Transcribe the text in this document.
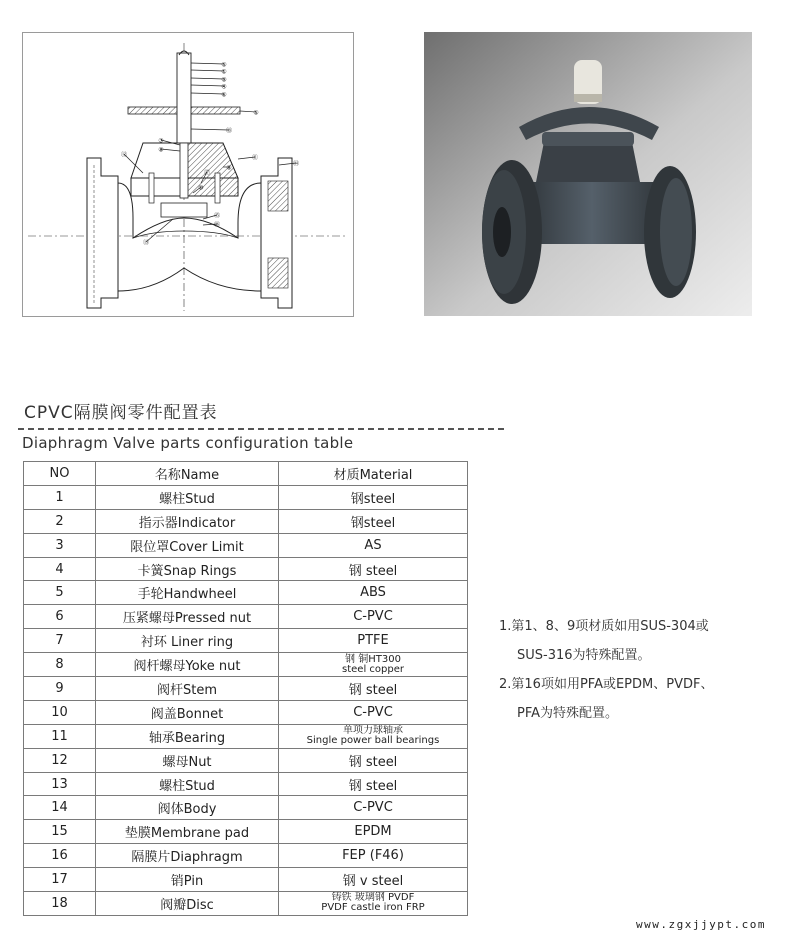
⑤
①
③
④
⑥
⑤
⑱
⑦
⑧
⑨
⑫
⑰
⑩
⑪
⑭
⑮
⑯
⑬
CPVC隔膜阀零件配置表
Diaphragm Valve parts configuration table
NO	名称Name	材质Material
1	螺柱Stud	钢steel
2	指示器Indicator	钢steel
3	限位罩Cover Limit	AS
4	卡簧Snap Rings	钢 steel
5	手轮Handwheel	ABS
6	压紧螺母Pressed nut	C-PVC
7	衬环 Liner ring	PTFE
8	阀杆螺母Yoke nut	钢 铜HT300
steel copper

9	阀杆Stem	钢 steel
10	阀盖Bonnet	C-PVC
11	轴承Bearing	单项力球轴承
Single power ball bearings

12	螺母Nut	钢 steel
13	螺柱Stud	钢 steel
14	阀体Body	C-PVC
15	垫膜Membrane pad	EPDM
16	隔膜片Diaphragm	FEP (F46)
17	销Pin	钢 v steel
18	阀瓣Disc	铸铁 玻璃钢 PVDF
PVDF castle iron FRP
1.第1、8、9项材质如用SUS-304或
SUS-316为特殊配置。
2.第16项如用PFA或EPDM、PVDF、
PFA为特殊配置。
www.zgxjjypt.com
